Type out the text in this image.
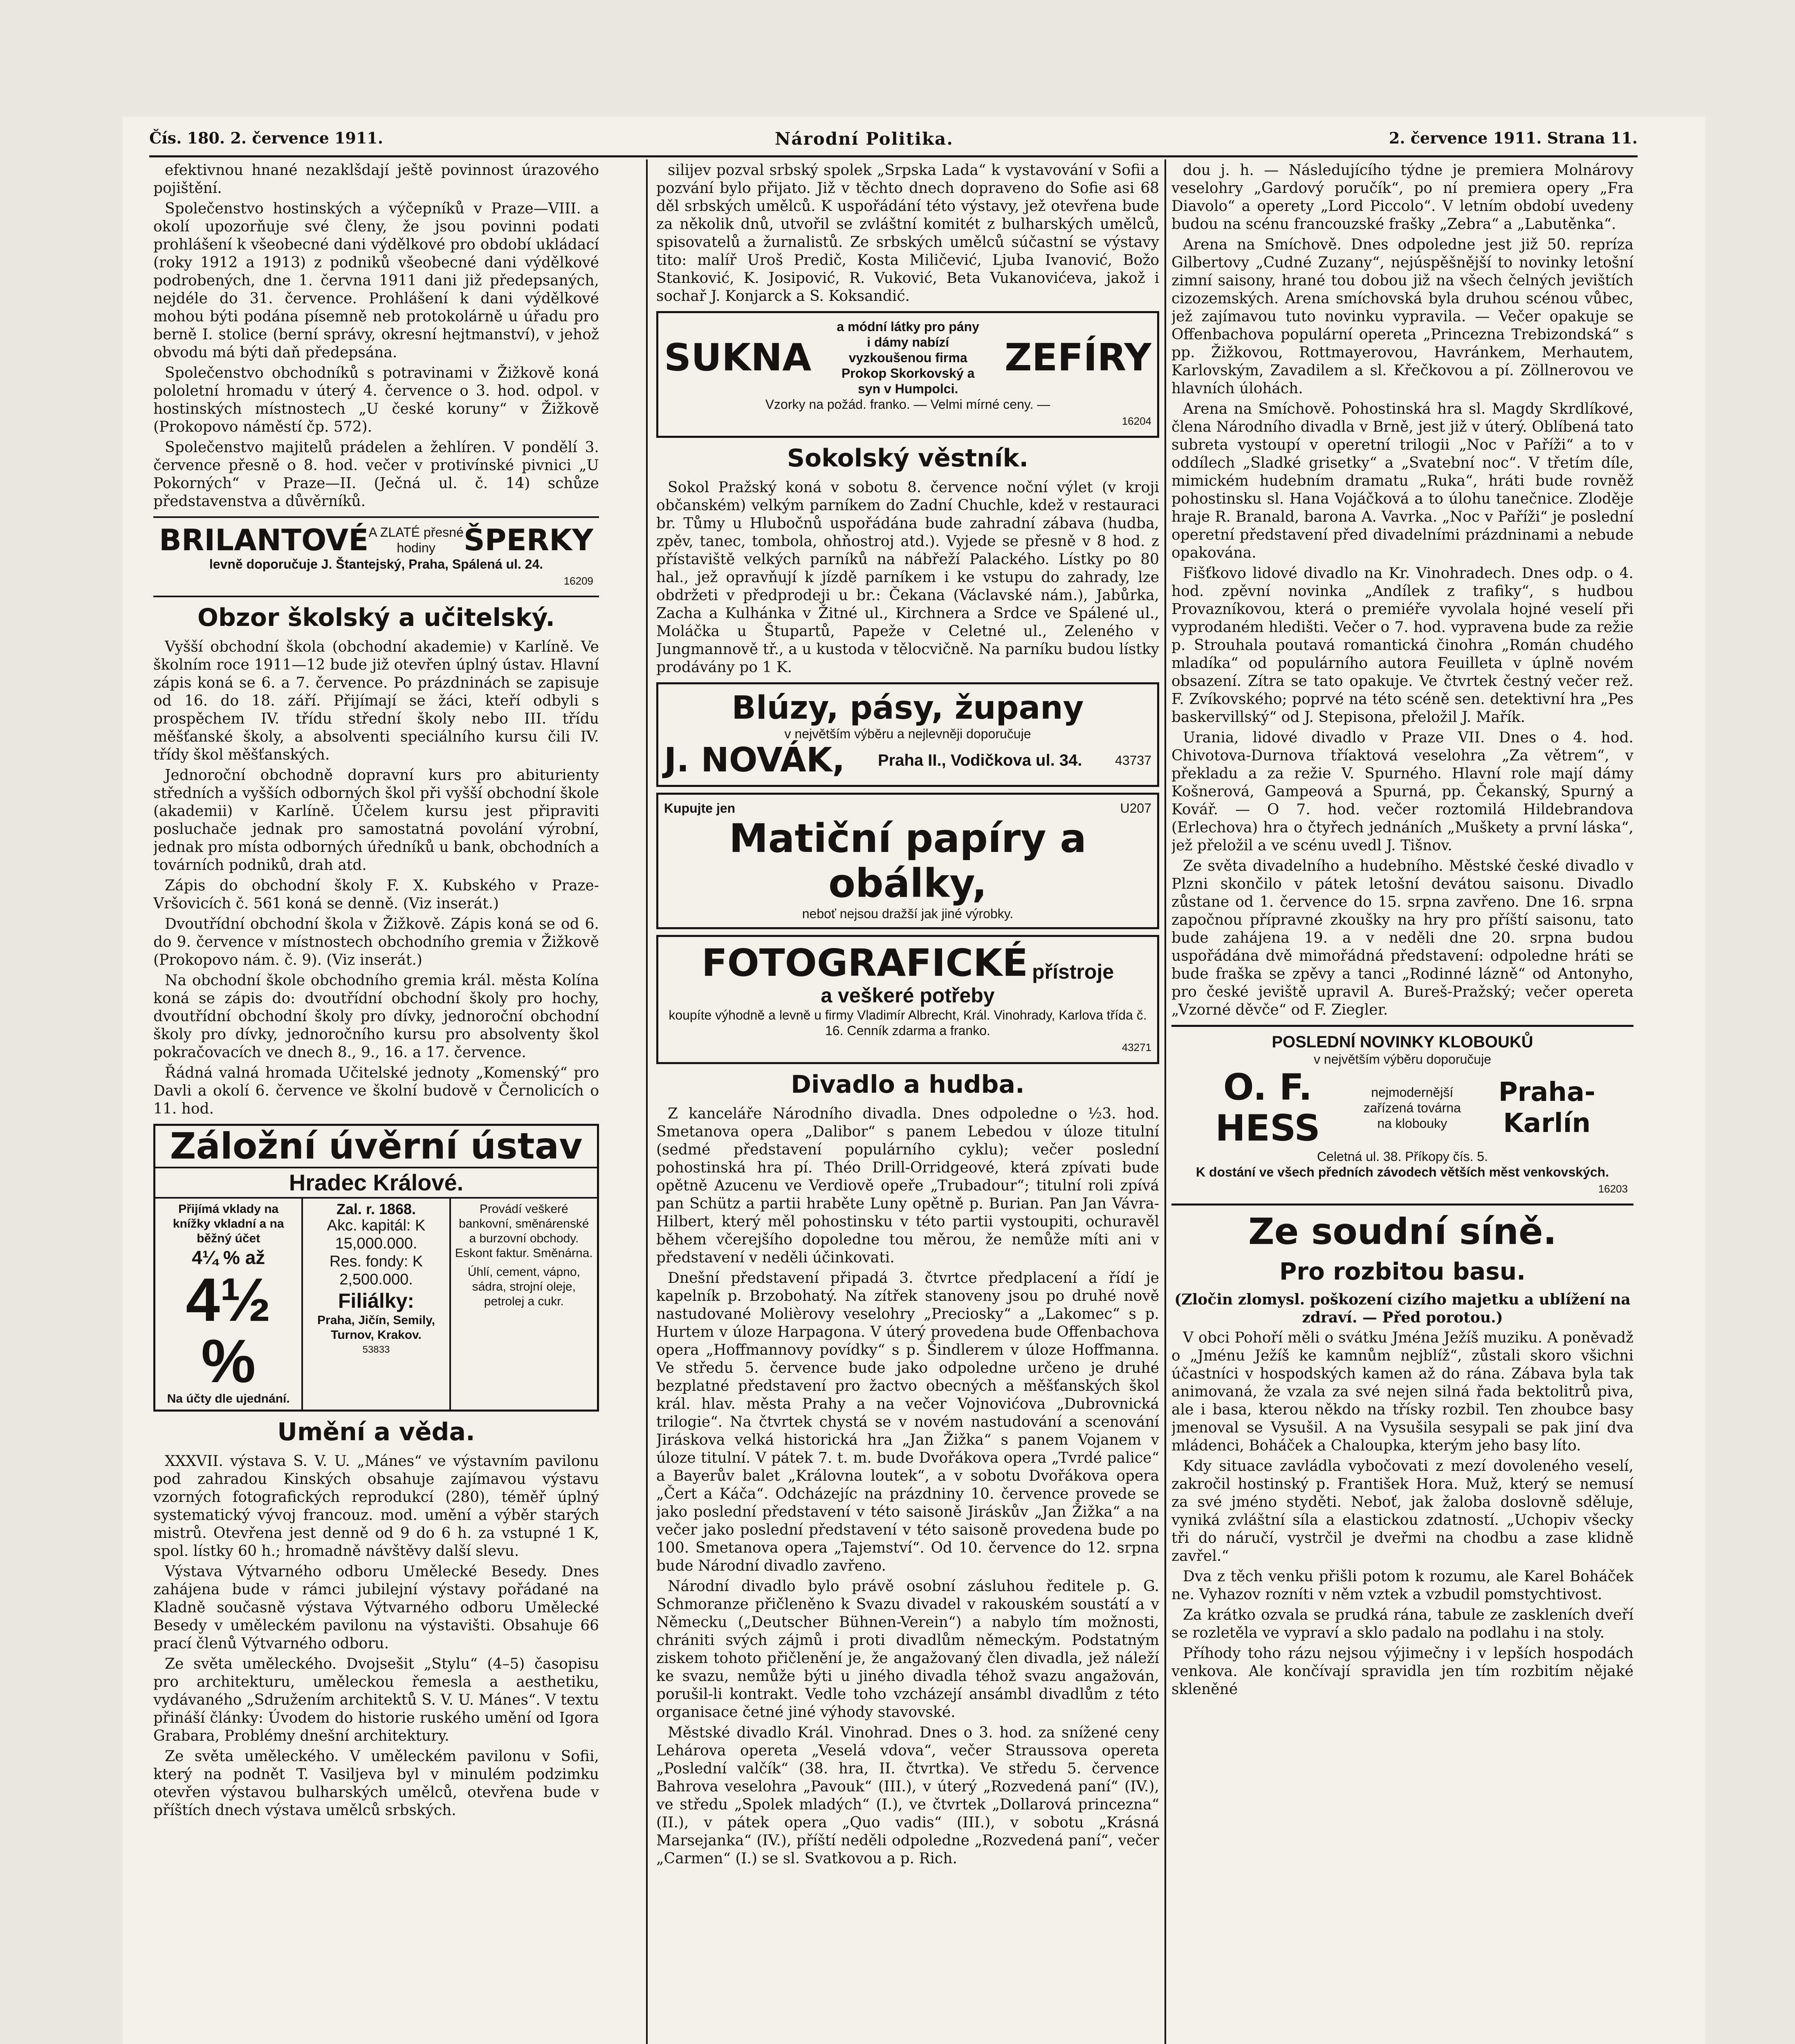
Čís. 180. 2. července 1911.	Národní Politika.	2. července 1911. Strana 11.

efektivnou hnané nezaklšdají ještě povinnost úrazového pojištění.

Společenstvo hostinských a výčepníků v Praze—VIII. a okolí upozorňuje své členy, že jsou povinni podati prohlášení k všeobecné dani výdělkové pro období ukládací (roky 1912 a 1913) z podniků všeobecné dani výdělkové podrobených, dne 1. června 1911 dani již předepsaných, nejdéle do 31. července. Prohlášení k dani výdělkové mohou býti podána písemně neb protokolárně u úřadu pro berně I. stolice (berní správy, okresní hejtmanství), v jehož obvodu má býti daň předepsána.

Společenstvo obchodníků s potravinami v Žižkově koná pololetní hromadu v úterý 4. července o 3. hod. odpol. v hostinských místnostech „U české koruny“ v Žižkově (Prokopovo náměstí čp. 572).

Společenstvo majitelů prádelen a žehlíren. V pondělí 3. července přesně o 8. hod. večer v protivínské pivnici „U Pokorných“ v Praze—II. (Ječná ul. č. 14) schůze představenstva a důvěrníků.

BRILANTOVÉ A ZLATÉ přesné hodiny ŠPERKY
levně doporučuje J. Štantejský, Praha, Spálená ul. 24.
16209
Obzor školský a učitelský.

Vyšší obchodní škola (obchodní akademie) v Karlíně. Ve školním roce 1911—12 bude již otevřen úplný ústav. Hlavní zápis koná se 6. a 7. července. Po prázdninách se zapisuje od 16. do 18. září. Přijímají se žáci, kteří odbyli s prospěchem IV. třídu střední školy nebo III. třídu měšťanské školy, a absolventi speciálního kursu čili IV. třídy škol měšťanských.

Jednoroční obchodně dopravní kurs pro abiturienty středních a vyšších odborných škol při vyšší obchodní škole (akademii) v Karlíně. Účelem kursu jest připraviti posluchače jednak pro samostatná povolání výrobní, jednak pro místa odborných úředníků u bank, obchodních a továrních podniků, drah atd.

Zápis do obchodní školy F. X. Kubského v Praze-Vršovicích č. 561 koná se denně. (Viz inserát.)

Dvoutřídní obchodní škola v Žižkově. Zápis koná se od 6. do 9. července v místnostech obchodního gremia v Žižkově (Prokopovo nám. č. 9). (Viz inserát.)

Na obchodní škole obchodního gremia král. města Kolína koná se zápis do: dvoutřídní obchodní školy pro hochy, dvoutřídní obchodní školy pro dívky, jednoroční obchodní školy pro dívky, jednoročního kursu pro absolventy škol pokračovacích ve dnech 8., 9., 16. a 17. července.

Řádná valná hromada Učitelské jednoty „Komenský“ pro Davli a okolí 6. července ve školní budově v Černolicích o 11. hod.

Záložní úvěrní ústav
Hradec Králové.
Přijímá vklady na knížky vkladní a na běžný účet
4¼ % až
4½ %
Na účty dle ujednání.
Zal. r. 1868.
Akc. kapitál: K 15,000.000.
Res. fondy: K 2,500.000.
Filiálky:
Praha, Jičín, Semily, Turnov, Krakov.
53833
Provádí veškeré bankovní, směnárenské a burzovní obchody. Eskont faktur. Směnárna.
Úhlí, cement, vápno, sádra, strojní oleje, petrolej a cukr.
Umění a věda.

XXXVII. výstava S. V. U. „Mánes“ ve výstavním pavilonu pod zahradou Kinských obsahuje zajímavou výstavu vzorných fotografických reprodukcí (280), téměř úplný systematický vývoj francouz. mod. umění a výběr starých mistrů. Otevřena jest denně od 9 do 6 h. za vstupné 1 K, spol. lístky 60 h.; hromadně návštěvy další slevu.

Výstava Výtvarného odboru Umělecké Besedy. Dnes zahájena bude v rámci jubilejní výstavy pořádané na Kladně současně výstava Výtvarného odboru Umělecké Besedy v uměleckém pavilonu na výstavišti. Obsahuje 66 prací členů Výtvarného odboru.

Ze světa uměleckého. Dvojsešit „Stylu“ (4–5) časopisu pro architekturu, uměleckou řemesla a aesthetiku, vydávaného „Sdružením architektů S. V. U. Mánes“. V textu přináší články: Úvodem do historie ruského umění od Igora Grabara, Problémy dnešní architektury.

Ze světa uměleckého. V uměleckém pavilonu v Sofii, který na podnět T. Vasiljeva byl v minulém podzimku otevřen výstavou bulharských umělců, otevřena bude v příštích dnech výstava umělců srbských.

silijev pozval srbský spolek „Srpska Lada“ k vystavování v Sofii a pozvání bylo přijato. Již v těchto dnech dopraveno do Sofie asi 68 děl srbských umělců. K uspořádání této výstavy, jež otevřena bude za několik dnů, utvořil se zvláštní komitét z bulharských umělců, spisovatelů a žurnalistů. Ze srbských umělců súčastní se výstavy tito: malíř Uroš Predič, Kosta Miličević, Ljuba Ivanović, Božo Stanković, K. Josipović, R. Vuković, Beta Vukanovićeva, jakož i sochař J. Konjarck a S. Koksandić.

SUKNA
a módní látky pro pány i dámy nabízí vyzkoušenou firma Prokop Skorkovský a syn v Humpolci.
ZEFÍRY
Vzorky na požád. franko. — Velmi mírné ceny. —
16204
Sokolský věstník.

Sokol Pražský koná v sobotu 8. července noční výlet (v kroji občanském) velkým parníkem do Zadní Chuchle, kdež v restauraci br. Tůmy u Hlubočnů uspořádána bude zahradní zábava (hudba, zpěv, tanec, tombola, ohňostroj atd.). Vyjede se přesně v 8 hod. z přístaviště velkých parníků na nábřeží Palackého. Lístky po 80 hal., jež opravňují k jízdě parníkem i ke vstupu do zahrady, lze obdržeti v předprodeji u br.: Čekana (Václavské nám.), Jabůrka, Zacha a Kulhánka v Žitné ul., Kirchnera a Srdce ve Spálené ul., Moláčka u Štupartů, Papeže v Celetné ul., Zeleného v Jungmannově tř., a u kustoda v tělocvičně. Na parníku budou lístky prodávány po 1 K.

Blúzy, pásy, župany
v největším výběru a nejlevněji doporučuje
J. NOVÁK, Praha II., Vodičkova ul. 34.	43737
Kupujte jen	U207
Matiční papíry a obálky,
neboť nejsou dražší jak jiné výrobky.
FOTOGRAFICKÉ přístroje
a veškeré potřeby
koupíte výhodně a levně u firmy Vladimír Albrecht, Král. Vinohrady, Karlova třída č. 16. Cenník zdarma a franko.
43271
Divadlo a hudba.

Z kanceláře Národního divadla. Dnes odpoledne o ½3. hod. Smetanova opera „Dalibor“ s panem Lebedou v úloze titulní (sedmé představení populárního cyklu); večer poslední pohostinská hra pí. Théo Drill-Orridgeové, která zpívati bude opětně Azucenu ve Verdiově opeře „Trubadour“; titulní roli zpívá pan Schütz a partii hraběte Luny opětně p. Burian. Pan Jan Vávra-Hilbert, který měl pohostinsku v této partii vystoupiti, ochuravěl během včerejšího dopoledne tou měrou, že nemůže míti ani v představení v neděli účinkovati.

Dnešní představení připadá 3. čtvrtce předplacení a řídí je kapelník p. Brzobohatý. Na zítřek stanoveny jsou po druhé nově nastudované Molièrovy veselohry „Preciosky“ a „Lakomec“ s p. Hurtem v úloze Harpagona. V úterý provedena bude Offenbachova opera „Hoffmannovy povídky“ s p. Šindlerem v úloze Hoffmanna. Ve středu 5. července bude jako odpoledne určeno je druhé bezplatné představení pro žactvo obecných a měšťanských škol král. hlav. města Prahy a na večer Vojnovićova „Dubrovnická trilogie“. Na čtvrtek chystá se v novém nastudování a scenování Jiráskova velká historická hra „Jan Žižka“ s panem Vojanem v úloze titulní. V pátek 7. t. m. bude Dvořákova opera „Tvrdé palice“ a Bayerův balet „Královna loutek“, a v sobotu Dvořákova opera „Čert a Káča“. Odcházejíc na prázdniny 10. července provede se jako poslední představení v této saisoně Jiráskův „Jan Žižka“ a na večer jako poslední představení v této saisoně provedena bude po 100. Smetanova opera „Tajemství“. Od 10. července do 12. srpna bude Národní divadlo zavřeno.

Národní divadlo bylo právě osobní zásluhou ředitele p. G. Schmoranze přičleněno k Svazu divadel v rakouském soustátí a v Německu („Deutscher Bühnen-Verein“) a nabylo tím možnosti, chrániti svých zájmů i proti divadlům německým. Podstatným ziskem tohoto přičlenění je, že angažovaný člen divadla, jež náleží ke svazu, nemůže býti u jiného divadla téhož svazu angažován, porušil-li kontrakt. Vedle toho vzcházejí ansámbl divadlům z této organisace četné jiné výhody stavovské.

Městské divadlo Král. Vinohrad. Dnes o 3. hod. za snížené ceny Lehárova opereta „Veselá vdova“, večer Straussova opereta „Poslední valčík“ (38. hra, II. čtvrtka). Ve středu 5. července Bahrova veselohra „Pavouk“ (III.), v úterý „Rozvedená paní“ (IV.), ve středu „Spolek mladých“ (I.), ve čtvrtek „Dollarová princezna“ (II.), v pátek opera „Quo vadis“ (III.), v sobotu „Krásná Marsejanka“ (IV.), příští neděli odpoledne „Rozvedená paní“, večer „Carmen“ (I.) se sl. Svatkovou a p. Rich.

dou j. h. — Následujícího týdne je premiera Molnárovy veselohry „Gardový poručík“, po ní premiera opery „Fra Diavolo“ a operety „Lord Piccolo“. V letním období uvedeny budou na scénu francouzské frašky „Zebra“ a „Labutěnka“.

Arena na Smíchově. Dnes odpoledne jest již 50. repríza Gilbertovy „Cudné Zuzany“, nejúspěšnější to novinky letošní zimní saisony, hrané tou dobou již na všech čelných jevištích cizozemských. Arena smíchovská byla druhou scénou vůbec, jež zajímavou tuto novinku vypravila. — Večer opakuje se Offenbachova populární opereta „Princezna Trebizondská“ s pp. Žižkovou, Rottmayerovou, Havránkem, Merhautem, Karlovským, Zavadilem a sl. Křečkovou a pí. Zöllnerovou ve hlavních úlohách.

Arena na Smíchově. Pohostinská hra sl. Magdy Skrdlíkové, člena Národního divadla v Brně, jest již v úterý. Oblíbená tato subreta vystoupí v operetní trilogii „Noc v Paříži“ a to v oddílech „Sladké grisetky“ a „Svatební noc“. V třetím díle, mimickém hudebním dramatu „Ruka“, hráti bude rovněž pohostinsku sl. Hana Vojáčková a to úlohu tanečnice. Zloděje hraje R. Branald, barona A. Vavrka. „Noc v Paříži“ je poslední operetní představení před divadelními prázdninami a nebude opakována.

Fišťkovo lidové divadlo na Kr. Vinohradech. Dnes odp. o 4. hod. zpěvní novinka „Andílek z trafiky“, s hudbou Provazníkovou, která o premiéře vyvolala hojné veselí při vyprodaném hledišti. Večer o 7. hod. vypravena bude za režie p. Strouhala poutavá romantická činohra „Román chudého mladíka“ od populárního autora Feuilleta v úplně novém obsazení. Zítra se tato opakuje. Ve čtvrtek čestný večer rež. F. Zvíkovského; poprvé na této scéně sen. detektivní hra „Pes baskervillský“ od J. Stepisona, přeložil J. Mařík.

Urania, lidové divadlo v Praze VII. Dnes o 4. hod. Chivotova-Durnova tříaktová veselohra „Za větrem“, v překladu a za režie V. Spurného. Hlavní role mají dámy Košnerová, Gampeová a Spurná, pp. Čekanský, Spurný a Kovář. — O 7. hod. večer roztomilá Hildebrandova (Erlechova) hra o čtyřech jednáních „Muškety a první láska“, jež přeložil a ve scénu uvedl J. Tišnov.

Ze světa divadelního a hudebního. Městské české divadlo v Plzni skončilo v pátek letošní devátou saisonu. Divadlo zůstane od 1. července do 15. srpna zavřeno. Dne 16. srpna započnou přípravné zkoušky na hry pro příští saisonu, tato bude zahájena 19. a v neděli dne 20. srpna budou uspořádána dvě mimořádná představení: odpoledne hráti se bude fraška se zpěvy a tanci „Rodinné lázně“ od Antonyho, pro české jeviště upravil A. Bureš-Pražský; večer opereta „Vzorné děvče“ od F. Ziegler.

POSLEDNÍ NOVINKY KLOBOUKŮ
v největším výběru doporučuje
O. F. HESS
nejmodernější zařízená továrna na klobouky
Praha-Karlín
Celetná ul. 38. Příkopy čís. 5.
K dostání ve všech předních závodech větších měst venkovských.
16203
Ze soudní síně.
Pro rozbitou basu.

(Zločin zlomysl. poškození cizího majetku a ublížení na zdraví. — Před porotou.)

V obci Pohoří měli o svátku Jména Ježíš muziku. A poněvadž o „Jménu Ježíš ke kamnům nejblíž“, zůstali skoro všichni účastníci v hospodských kamen až do rána. Zábava byla tak animovaná, že vzala za své nejen silná řada bektolitrů piva, ale i basa, kterou někdo na třísky rozbil. Ten zhoubce basy jmenoval se Vysušil. A na Vysušila sesypali se pak jiní dva mládenci, Boháček a Chaloupka, kterým jeho basy líto.

Kdy situace zavládla vybočovati z mezí dovoleného veselí, zakročil hostinský p. František Hora. Muž, který se nemusí za své jméno styděti. Neboť, jak žaloba doslovně sděluje, vyniká zvláštní síla a elastickou zdatností. „Uchopiv všecky tři do náručí, vystrčil je dveřmi na chodbu a zase klidně zavřel.“

Dva z těch venku přišli potom k rozumu, ale Karel Boháček ne. Vyhazov rozníti v něm vztek a vzbudil pomstychtivost.

Za krátko ozvala se prudká rána, tabule ze zaskleních dveří se rozletěla ve vypraví a sklo padalo na podlahu i na stoly.

Příhody toho rázu nejsou výjimečny i v lepších hospodách venkova. Ale končívají spravidla jen tím rozbitím nějaké skleněné
